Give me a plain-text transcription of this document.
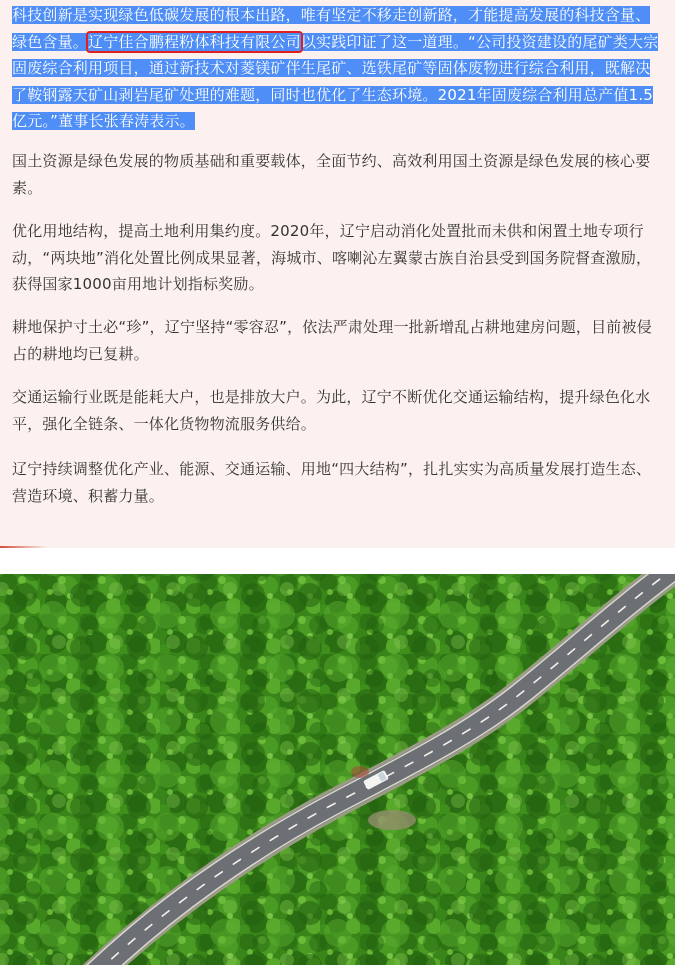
科技创新是实现绿色低碳发展的根本出路，唯有坚定不移走创新路，才能提高发展的科技含量、绿色含量。辽宁佳合鹏程粉体科技有限公司以实践印证了这一道理。“公司投资建设的尾矿类大宗固废综合利用项目，通过新技术对菱镁矿伴生尾矿、选铁尾矿等固体废物进行综合利用，既解决了鞍钢露天矿山剥岩尾矿处理的难题，同时也优化了生态环境。2021年固废综合利用总产值1.5亿元。”董事长张春涛表示。

国土资源是绿色发展的物质基础和重要载体，全面节约、高效利用国土资源是绿色发展的核心要素。

优化用地结构，提高土地利用集约度。2020年，辽宁启动消化处置批而未供和闲置土地专项行动，“两块地”消化处置比例成果显著，海城市、喀喇沁左翼蒙古族自治县受到国务院督查激励，获得国家1000亩用地计划指标奖励。

耕地保护寸土必“珍”，辽宁坚持“零容忍”，依法严肃处理一批新增乱占耕地建房问题，目前被侵占的耕地均已复耕。

交通运输行业既是能耗大户，也是排放大户。为此，辽宁不断优化交通运输结构，提升绿色化水平，强化全链条、一体化货物物流服务供给。

辽宁持续调整优化产业、能源、交通运输、用地“四大结构”，扎扎实实为高质量发展打造生态、营造环境、积蓄力量。
